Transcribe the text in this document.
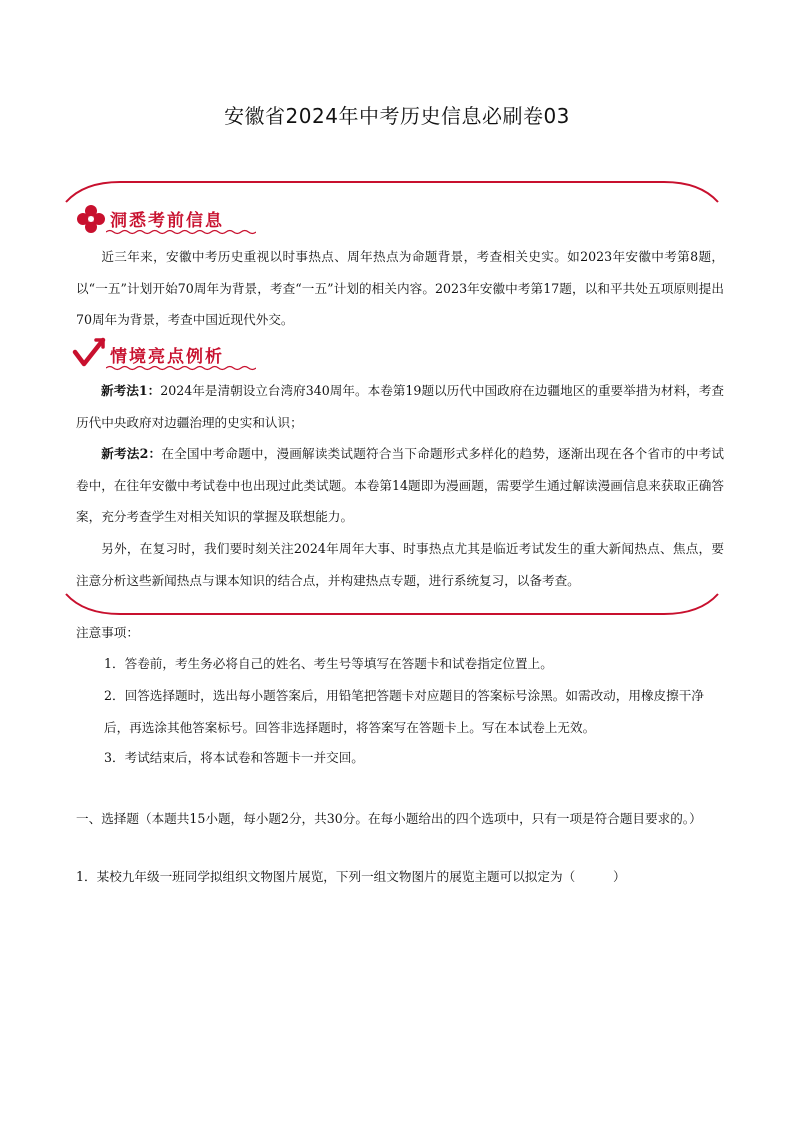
安徽省2024年中考历史信息必刷卷03
洞悉考前信息
近三年来，安徽中考历史重视以时事热点、周年热点为命题背景，考查相关史实。如2023年安徽中考第8题，以“一五”计划开始70周年为背景，考查“一五”计划的相关内容。2023年安徽中考第17题，以和平共处五项原则提出70周年为背景，考查中国近现代外交。
情境亮点例析
新考法1：2024年是清朝设立台湾府340周年。本卷第19题以历代中国政府在边疆地区的重要举措为材料，考查历代中央政府对边疆治理的史实和认识；
新考法2：在全国中考命题中，漫画解读类试题符合当下命题形式多样化的趋势，逐渐出现在各个省市的中考试卷中，在往年安徽中考试卷中也出现过此类试题。本卷第14题即为漫画题，需要学生通过解读漫画信息来获取正确答案，充分考查学生对相关知识的掌握及联想能力。
另外，在复习时，我们要时刻关注2024年周年大事、时事热点尤其是临近考试发生的重大新闻热点、焦点，要注意分析这些新闻热点与课本知识的结合点，并构建热点专题，进行系统复习，以备考查。
注意事项：
1．答卷前，考生务必将自己的姓名、考生号等填写在答题卡和试卷指定位置上。
2．回答选择题时，选出每小题答案后，用铅笔把答题卡对应题目的答案标号涂黑。如需改动，用橡皮擦干净后，再选涂其他答案标号。回答非选择题时，将答案写在答题卡上。写在本试卷上无效。
3．考试结束后，将本试卷和答题卡一并交回。
一、选择题（本题共15小题，每小题2分，共30分。在每小题给出的四个选项中，只有一项是符合题目要求的。）
1．某校九年级一班同学拟组织文物图片展览，下列一组文物图片的展览主题可以拟定为（　　　）
